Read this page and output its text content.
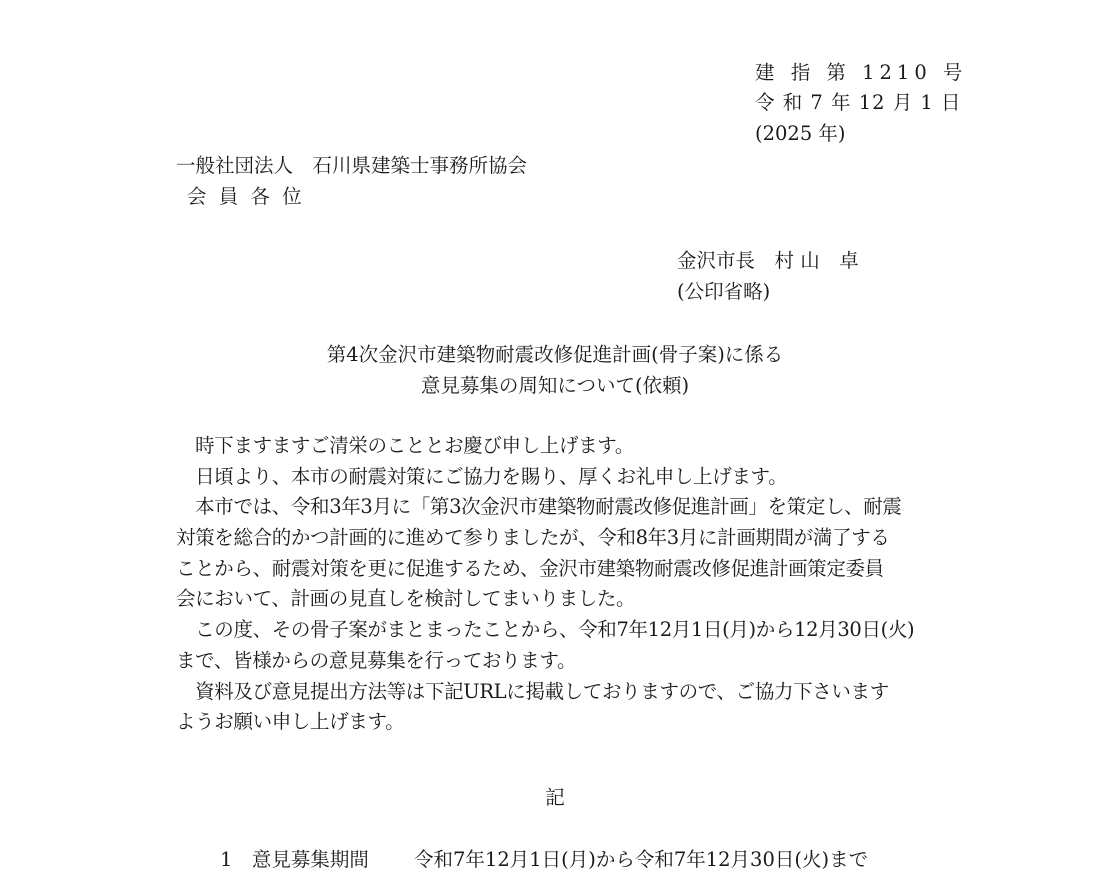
建 指 第 1210 号
令 和 7 年 12 月 1 日
(2025 年)
一般社団法人　石川県建築士事務所協会
会 員 各 位
金沢市長　村 山　卓
(公印省略)
第4次金沢市建築物耐震改修促進計画(骨子案)に係る
意見募集の周知について(依頼)
　時下ますますご清栄のこととお慶び申し上げます。
　日頃より、本市の耐震対策にご協力を賜り、厚くお礼申し上げます。
　本市では、令和3年3月に「第3次金沢市建築物耐震改修促進計画」を策定し、耐震
対策を総合的かつ計画的に進めて参りましたが、令和8年3月に計画期間が満了する
ことから、耐震対策を更に促進するため、金沢市建築物耐震改修促進計画策定委員
会において、計画の見直しを検討してまいりました。
　この度、その骨子案がまとまったことから、令和7年12月1日(月)から12月30日(火)
まで、皆様からの意見募集を行っております。
　資料及び意見提出方法等は下記URLに掲載しておりますので、ご協力下さいます
ようお願い申し上げます。
記
1　意見募集期間 令和7年12月1日(月)から令和7年12月30日(火)まで
